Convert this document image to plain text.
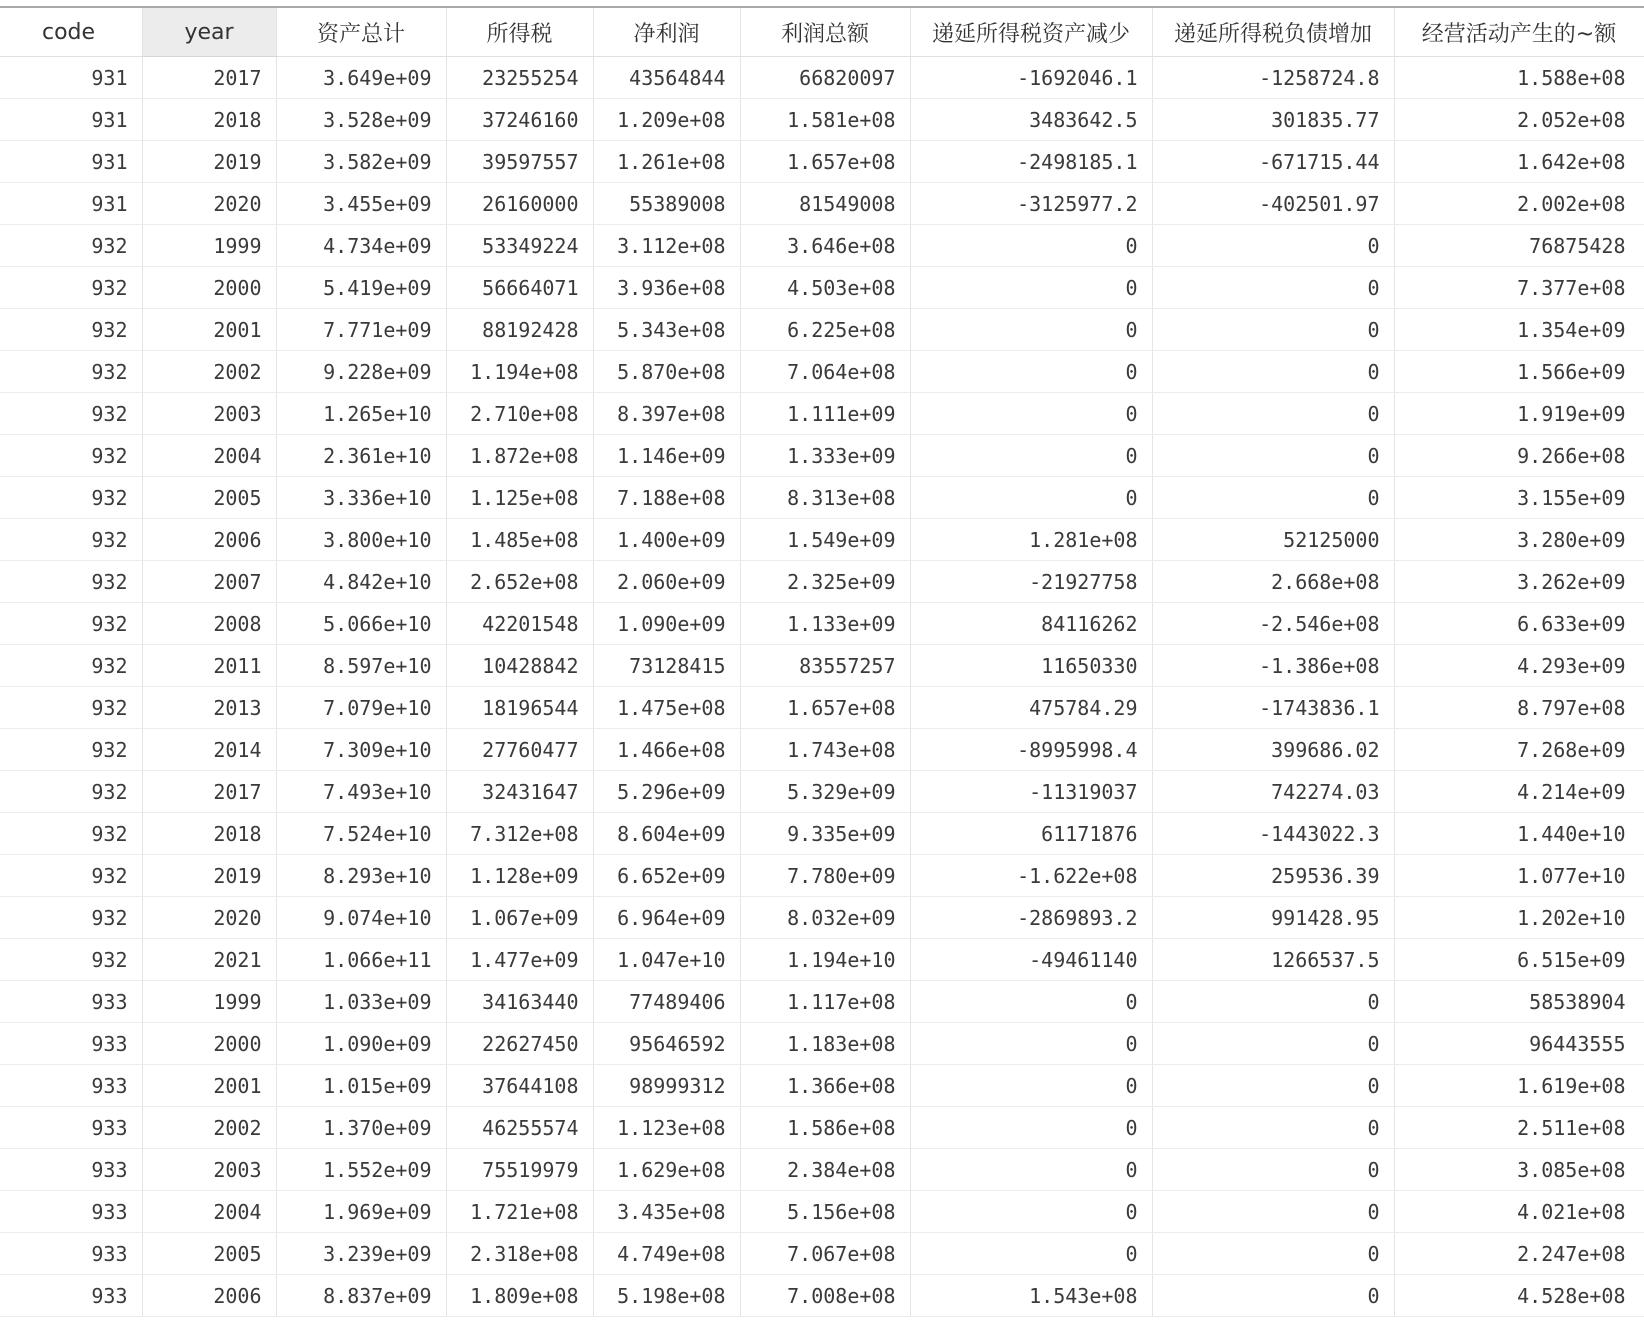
code	year	资产总计	所得税	净利润	利润总额	递延所得税资产减少	递延所得税负债增加	经营活动产生的~额
931	2017	3.649e+09	23255254	43564844	66820097	-1692046.1	-1258724.8	1.588e+08
931	2018	3.528e+09	37246160	1.209e+08	1.581e+08	3483642.5	301835.77	2.052e+08
931	2019	3.582e+09	39597557	1.261e+08	1.657e+08	-2498185.1	-671715.44	1.642e+08
931	2020	3.455e+09	26160000	55389008	81549008	-3125977.2	-402501.97	2.002e+08
932	1999	4.734e+09	53349224	3.112e+08	3.646e+08	0	0	76875428
932	2000	5.419e+09	56664071	3.936e+08	4.503e+08	0	0	7.377e+08
932	2001	7.771e+09	88192428	5.343e+08	6.225e+08	0	0	1.354e+09
932	2002	9.228e+09	1.194e+08	5.870e+08	7.064e+08	0	0	1.566e+09
932	2003	1.265e+10	2.710e+08	8.397e+08	1.111e+09	0	0	1.919e+09
932	2004	2.361e+10	1.872e+08	1.146e+09	1.333e+09	0	0	9.266e+08
932	2005	3.336e+10	1.125e+08	7.188e+08	8.313e+08	0	0	3.155e+09
932	2006	3.800e+10	1.485e+08	1.400e+09	1.549e+09	1.281e+08	52125000	3.280e+09
932	2007	4.842e+10	2.652e+08	2.060e+09	2.325e+09	-21927758	2.668e+08	3.262e+09
932	2008	5.066e+10	42201548	1.090e+09	1.133e+09	84116262	-2.546e+08	6.633e+09
932	2011	8.597e+10	10428842	73128415	83557257	11650330	-1.386e+08	4.293e+09
932	2013	7.079e+10	18196544	1.475e+08	1.657e+08	475784.29	-1743836.1	8.797e+08
932	2014	7.309e+10	27760477	1.466e+08	1.743e+08	-8995998.4	399686.02	7.268e+09
932	2017	7.493e+10	32431647	5.296e+09	5.329e+09	-11319037	742274.03	4.214e+09
932	2018	7.524e+10	7.312e+08	8.604e+09	9.335e+09	61171876	-1443022.3	1.440e+10
932	2019	8.293e+10	1.128e+09	6.652e+09	7.780e+09	-1.622e+08	259536.39	1.077e+10
932	2020	9.074e+10	1.067e+09	6.964e+09	8.032e+09	-2869893.2	991428.95	1.202e+10
932	2021	1.066e+11	1.477e+09	1.047e+10	1.194e+10	-49461140	1266537.5	6.515e+09
933	1999	1.033e+09	34163440	77489406	1.117e+08	0	0	58538904
933	2000	1.090e+09	22627450	95646592	1.183e+08	0	0	96443555
933	2001	1.015e+09	37644108	98999312	1.366e+08	0	0	1.619e+08
933	2002	1.370e+09	46255574	1.123e+08	1.586e+08	0	0	2.511e+08
933	2003	1.552e+09	75519979	1.629e+08	2.384e+08	0	0	3.085e+08
933	2004	1.969e+09	1.721e+08	3.435e+08	5.156e+08	0	0	4.021e+08
933	2005	3.239e+09	2.318e+08	4.749e+08	7.067e+08	0	0	2.247e+08
933	2006	8.837e+09	1.809e+08	5.198e+08	7.008e+08	1.543e+08	0	4.528e+08
